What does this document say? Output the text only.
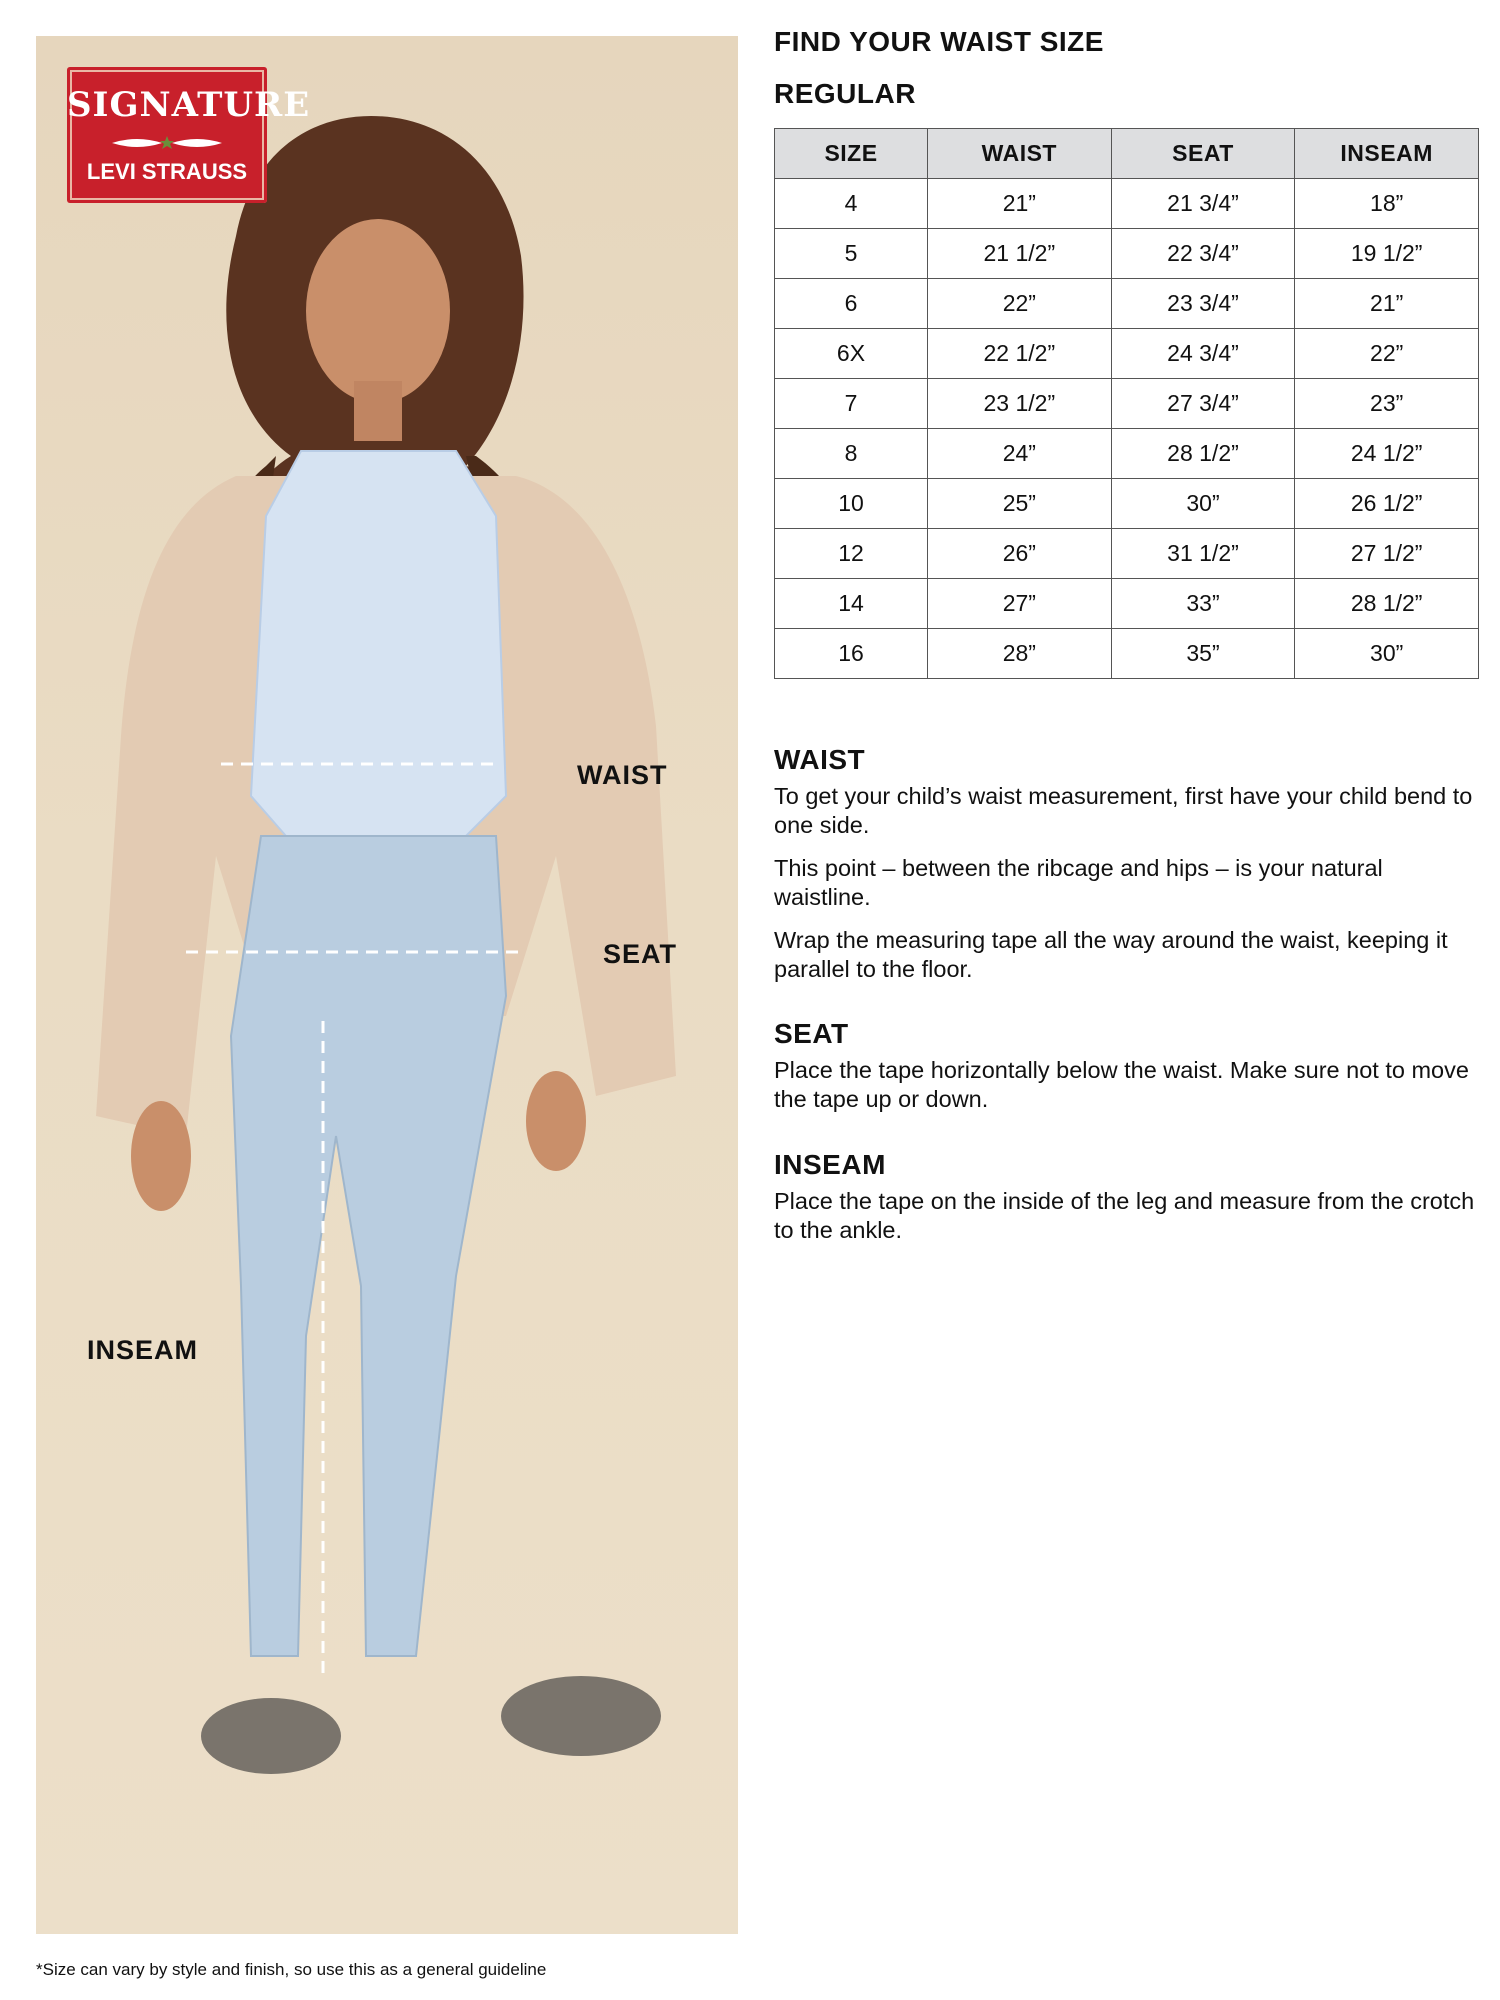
SIGNATURE
LEVI STRAUSS
WAIST
SEAT
INSEAM
*Size can vary by style and finish, so use this as a general guideline
FIND YOUR WAIST SIZE
REGULAR
SIZE	WAIST	SEAT	INSEAM
4	21”	21 3/4”	18”
5	21 1/2”	22 3/4”	19 1/2”
6	22”	23 3/4”	21”
6X	22 1/2”	24 3/4”	22”
7	23 1/2”	27 3/4”	23”
8	24”	28 1/2”	24 1/2”
10	25”	30”	26 1/2”
12	26”	31 1/2”	27 1/2”
14	27”	33”	28 1/2”
16	28”	35”	30”
WAIST

To get your child’s waist measurement, first have your child bend to one side.

This point – between the ribcage and hips – is your natural waistline.

Wrap the measuring tape all the way around the waist, keeping it parallel to the floor.

SEAT

Place the tape horizontally below the waist. Make sure not to move the tape up or down.

INSEAM

Place the tape on the inside of the leg and measure from the crotch to the ankle.
